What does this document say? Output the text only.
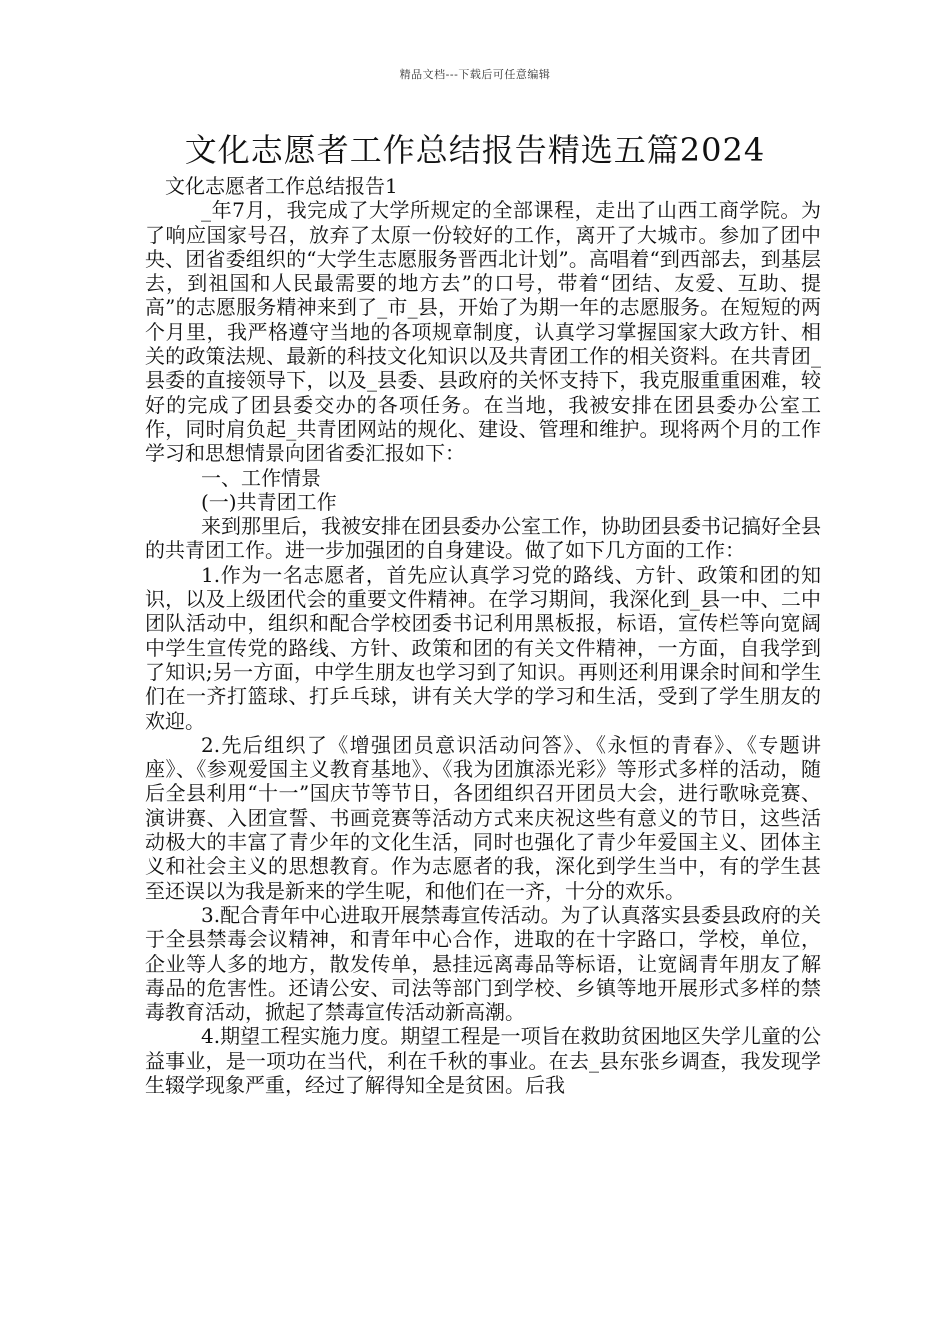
精品文档---下载后可任意编辑
文化志愿者工作总结报告精选五篇2024

文化志愿者工作总结报告1

_年7月，我完成了大学所规定的全部课程，走出了山西工商学院。为了响应国家号召，放弃了太原一份较好的工作，离开了大城市。参加了团中央、团省委组织的“大学生志愿服务晋西北计划”。高唱着“到西部去，到基层去，到祖国和人民最需要的地方去”的口号，带着“团结、友爱、互助、提高”的志愿服务精神来到了_市_县，开始了为期一年的志愿服务。在短短的两个月里，我严格遵守当地的各项规章制度，认真学习掌握国家大政方针、相关的政策法规、最新的科技文化知识以及共青团工作的相关资料。在共青团_县委的直接领导下，以及_县委、县政府的关怀支持下，我克服重重困难，较好的完成了团县委交办的各项任务。在当地，我被安排在团县委办公室工作，同时肩负起_共青团网站的规化、建设、管理和维护。现将两个月的工作学习和思想情景向团省委汇报如下：

一、工作情景

(一)共青团工作

来到那里后，我被安排在团县委办公室工作，协助团县委书记搞好全县的共青团工作。进一步加强团的自身建设。做了如下几方面的工作：

1.作为一名志愿者，首先应认真学习党的路线、方针、政策和团的知识，以及上级团代会的重要文件精神。在学习期间，我深化到_县一中、二中团队活动中，组织和配合学校团委书记利用黑板报，标语，宣传栏等向宽阔中学生宣传党的路线、方针、政策和团的有关文件精神，一方面，自我学到了知识;另一方面，中学生朋友也学习到了知识。再则还利用课余时间和学生们在一齐打篮球、打乒乓球，讲有关大学的学习和生活，受到了学生朋友的欢迎。

2.先后组织了《增强团员意识活动问答》、《永恒的青春》、《专题讲座》、《参观爱国主义教育基地》、《我为团旗添光彩》等形式多样的活动，随后全县利用“十一”国庆节等节日，各团组织召开团员大会，进行歌咏竞赛、演讲赛、入团宣誓、书画竞赛等活动方式来庆祝这些有意义的节日，这些活动极大的丰富了青少年的文化生活，同时也强化了青少年爱国主义、团体主义和社会主义的思想教育。作为志愿者的我，深化到学生当中，有的学生甚至还误以为我是新来的学生呢，和他们在一齐，十分的欢乐。

3.配合青年中心进取开展禁毒宣传活动。为了认真落实县委县政府的关于全县禁毒会议精神，和青年中心合作，进取的在十字路口，学校，单位，企业等人多的地方，散发传单，悬挂远离毒品等标语，让宽阔青年朋友了解毒品的危害性。还请公安、司法等部门到学校、乡镇等地开展形式多样的禁毒教育活动，掀起了禁毒宣传活动新高潮。

4.期望工程实施力度。期望工程是一项旨在救助贫困地区失学儿童的公益事业，是一项功在当代，利在千秋的事业。在去_县东张乡调查，我发现学生辍学现象严重，经过了解得知全是贫困。后我
